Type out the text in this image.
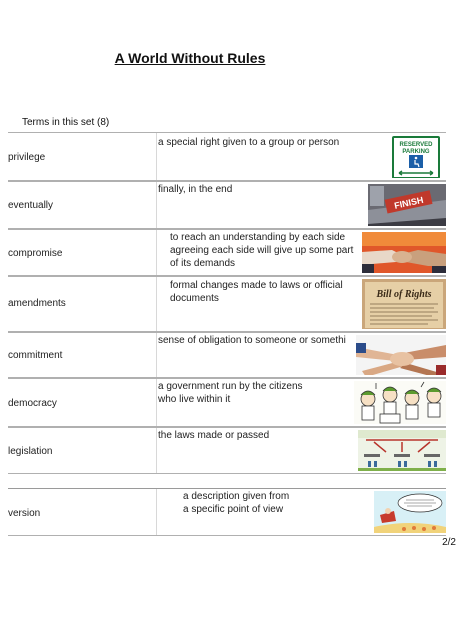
A World Without Rules
Terms in this set (8)
privilege
a special right given to a group or person	RESERVED
PARKING
eventually
finally, in the end
FINISH
compromise
to reach an understanding by each side
agreeing each side will give up some part
of its demands
amendments
formal changes made to laws or official
documents	Bill of Rights
commitment
sense of obligation to someone or somethi
democracy
a government run by the citizens
who live within it
legislation
the laws made or passed
version
a description given from
a specific point of view
2/2
